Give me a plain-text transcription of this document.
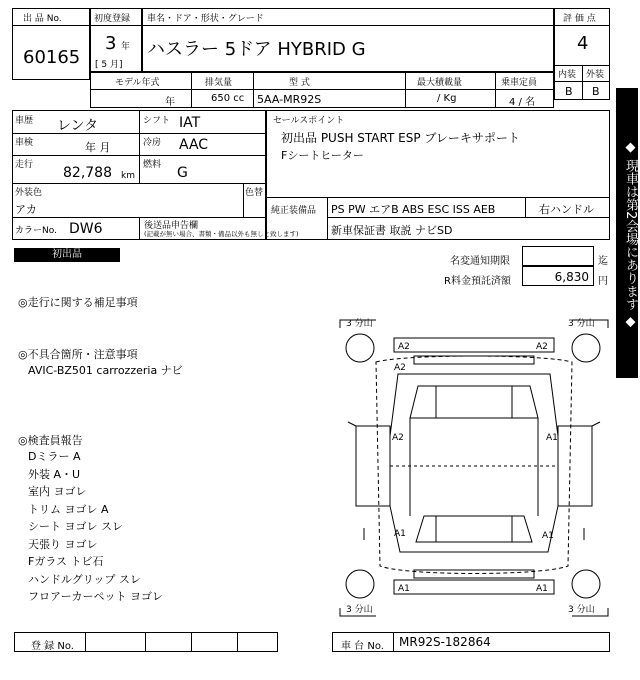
出 品 No.
60165
初度登録
3 年
[ 5 月]
車名・ドア・形状・グレード
ハスラー 5ドア HYBRID G
評 価 点
4
内装 外装
B B
モデル年式
年
排気量
650 cc
型 式
5AA-MR92S
最大積載量
/ Kg
乗車定員
4 / 名
◆ 現車は第2会場にあります ◆
車歴 レンタ	シフト IAT
車検	年 月	冷房 AAC
走行 82,788 km
燃料 G
外装色
アカ
色替
カラーNo. DW6	後送品申告欄
(記載が無い場合、書類・備品以外も無しと致します)
セールスポイント
初出品 PUSH START ESP ブレーキサポート
Fシートヒーター
純正装備品 PS PW エアB ABS ESC ISS AEB	右ハンドル
新車保証書 取説 ナビSD
初出品
名変通知期限	迄
R料金預託済額	6,830 円
◎走行に関する補足事項
◎不具合箇所・注意事項
AVIC-BZ501 carrozzeria ナビ
◎検査員報告
Dミラー A
外装 A・U
室内 ヨゴレ
トリム ヨゴレ A
シート ヨゴレ スレ
天張り ヨゴレ
Fガラス トビ石
ハンドルグリップ スレ
フロアーカーペット ヨゴレ
3 分山	3 分山
3 分山	3 分山
A2	A2
A2
A2	A1
A1	A1
A1	A1
登 録 No.	車 台 No. MR92S-182864
